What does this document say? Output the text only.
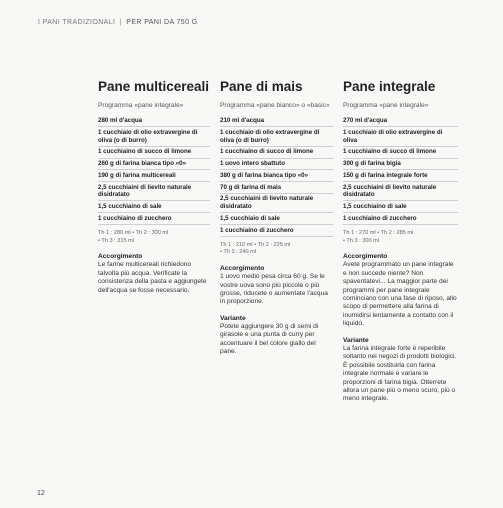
I PANI TRADIZIONALI | PER PANI DA 750 G
Pane multicereali
Programma «pane integrale»
280 ml d'acqua
1 cucchiaio di olio extravergine di oliva (o di burro)
1 cucchiaino di succo di limone
260 g di farina bianca tipo «0»
190 g di farina multicereali
2,5 cucchiaini di lievito naturale disidratato
1,5 cucchiaino di sale
1 cucchiaino di zucchero
Th 1 : 280 ml • Th 2 : 300 ml
• Th 3 : 315 ml
Accorgimento
Le farine multicereali richiedono talvolta più acqua. Verificate la consistenza della pasta e aggiungete dell'acqua se fosse necessario.
Pane di mais
Programma «pane bianco» o «basic»
210 ml d'acqua
1 cucchiaio di olio extravergine di oliva (o di burro)
1 cucchiaino di succo di limone
1 uovo intero sbattuto
380 g di farina bianca tipo «0»
70 g di farina di mais
2,5 cucchiaini di lievito naturale disidratato
1,5 cucchiaio di sale
1 cucchiaino di zucchero
Th 1 : 210 ml • Th 2 : 225 ml
• Th 3 : 240 ml
Accorgimento
1 uovo medio pesa circa 60 g. Se le vostre uova sono più piccole o più grosse, riducete o aumentate l'acqua in proporzione.
Variante
Potete aggiungere 30 g di semi di girasole e una punta di curry per accentuare il bel colore giallo del pane.
Pane integrale
Programma «pane integrale»
270 ml d'acqua
1 cucchiaio di olio extravergine di oliva
1 cucchiaino di succo di limone
300 g di farina bigia
150 g di farina integrale forte
2,5 cucchiaini di lievito naturale disidratato
1,5 cucchiaino di sale
1 cucchiaino di zucchero
Th 1 : 270 ml • Th 2 : 285 ml
• Th 3 : 300 ml
Accorgimento
Avete programmato un pane integrale e non succede niente? Non spaventatevi... La maggior parte dei programmi per pane integrale cominciano con una fase di riposo, allo scopo di permettere alla farina di inumidirsi lentamente a contatto con il liquido.
Variante
La farina integrale forte è reperibile soltanto nei negozi di prodotti biologici. È possibile sostituirla con farina integrale normale e variare le proporzioni di farina bigia. Otterrete allora un pane più o meno scuro, più o meno integrale.
12
